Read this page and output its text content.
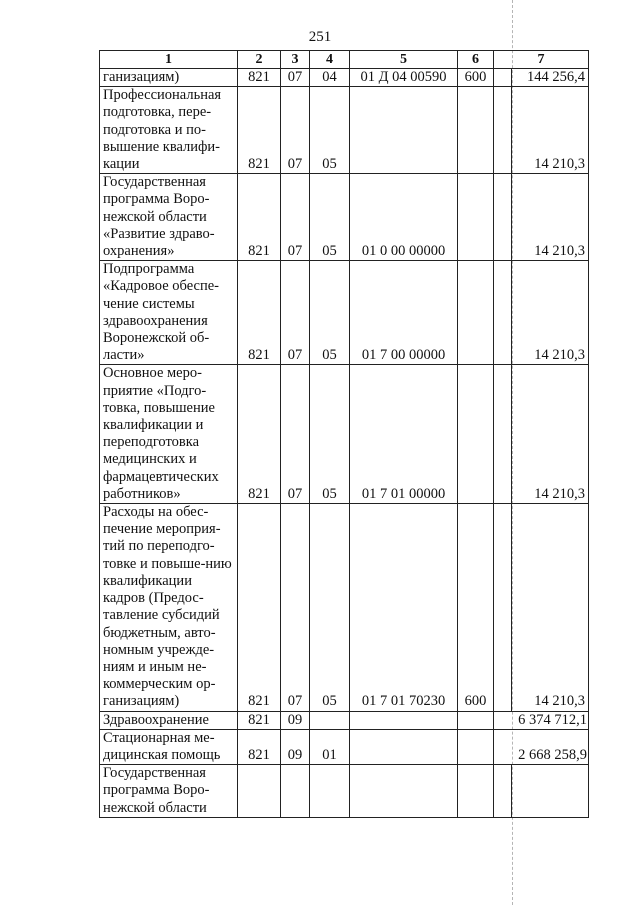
251
1	2	3	4	5	6	7	
ганизациям)	821	07	04	01 Д 04 00590	600		144 256,4
Профессиональная подготовка, пере-подготовка и по-вышение квалифи-кации	821	07	05				14 210,3
Государственная программа Воро-нежской области «Развитие здраво-охранения»	821	07	05	01 0 00 00000			14 210,3
Подпрограмма «Кадровое обеспе-чение системы здравоохранения Воронежской об-ласти»	821	07	05	01 7 00 00000			14 210,3
Основное меро-приятие «Подго-товка, повышение квалификации и переподготовка медицинских и фармацевтических работников»	821	07	05	01 7 01 00000			14 210,3
Расходы на обес-печение мероприя-тий по переподго-товке и повыше-нию квалификации кадров (Предос-тавление субсидий бюджетным, авто-номным учрежде-ниям и иным не-коммерческим ор-ганизациям)	821	07	05	01 7 01 70230	600		14 210,3
Здравоохранение	821	09				6 374 712,1	
Стационарная ме-дицинская помощь	821	09	01			2 668 258,9	
Государственная программа Воро-нежской области							
